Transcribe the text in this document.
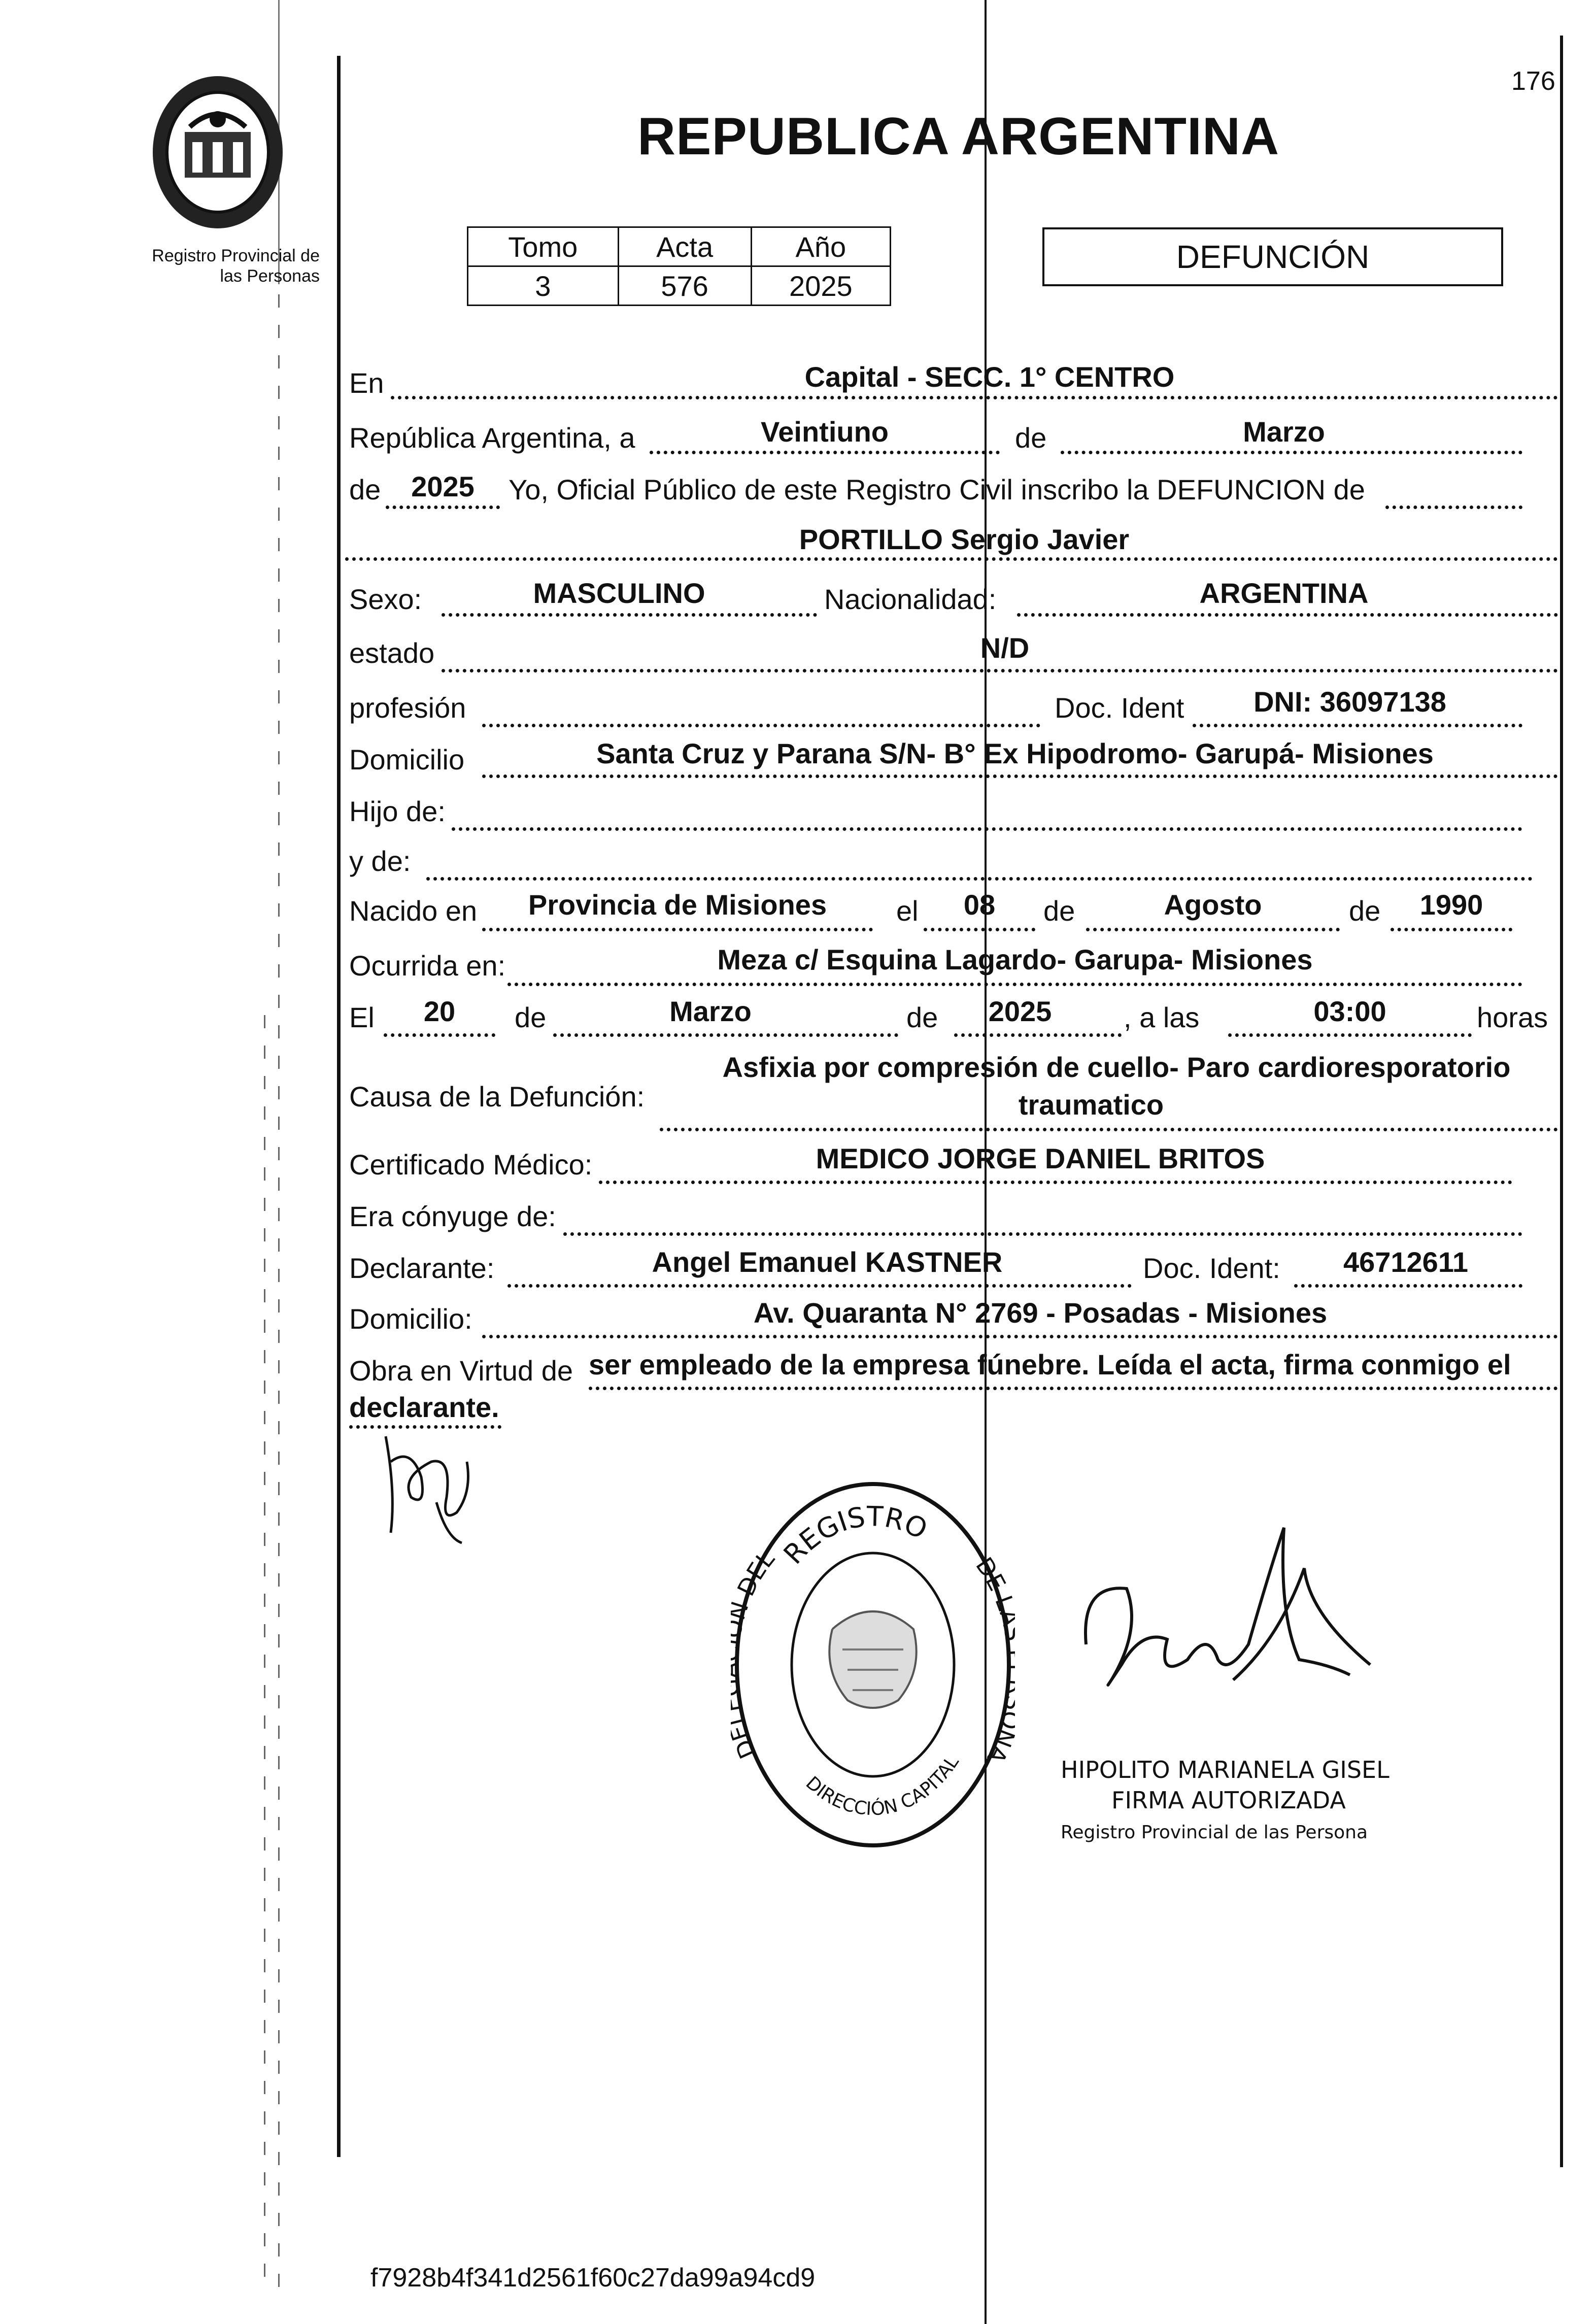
176
Registro Provincial de
las Personas
REPUBLICA ARGENTINA
Tomo	Acta	Año
3	576	2025
DEFUNCIÓN
En	Capital - SECC. 1° CENTRO
República Argentina, a	Veintiuno	de	Marzo
de	2025	Yo, Oficial Público de este Registro Civil inscribo la DEFUNCION de
PORTILLO Sergio Javier
Sexo:	MASCULINO	Nacionalidad:	ARGENTINA
estado	N/D
profesión	Doc. Ident	DNI: 36097138
Domicilio	Santa Cruz y Parana S/N- B° Ex Hipodromo- Garupá- Misiones
Hijo de:
y de:
Nacido en	Provincia de Misiones	el	08	de	Agosto	de	1990
Ocurrida en:	Meza c/ Esquina Lagardo- Garupa- Misiones
El	20	de	Marzo	de	2025	, a las	03:00	horas
Causa de la Defunción:
Asfixia por compresión de cuello- Paro cardioresporatorio
traumatico
Certificado Médico:	MEDICO JORGE DANIEL BRITOS
Era cónyuge de:
Declarante:	Angel Emanuel KASTNER	Doc. Ident:	46712611
Domicilio:	Av. Quaranta N° 2769 - Posadas - Misiones
Obra en Virtud de ser empleado de la empresa fúnebre. Leída el acta, firma conmigo el
declarante.
REGISTRO
D DEL	DE A
DIRECCIÓN CAPITAL	HIPOLITO MARIANELA GISEL
FIRMA AUTORIZADA
Registro Provincial de las Persona
f7928b4f341d2561f60c27da99a94cd9
